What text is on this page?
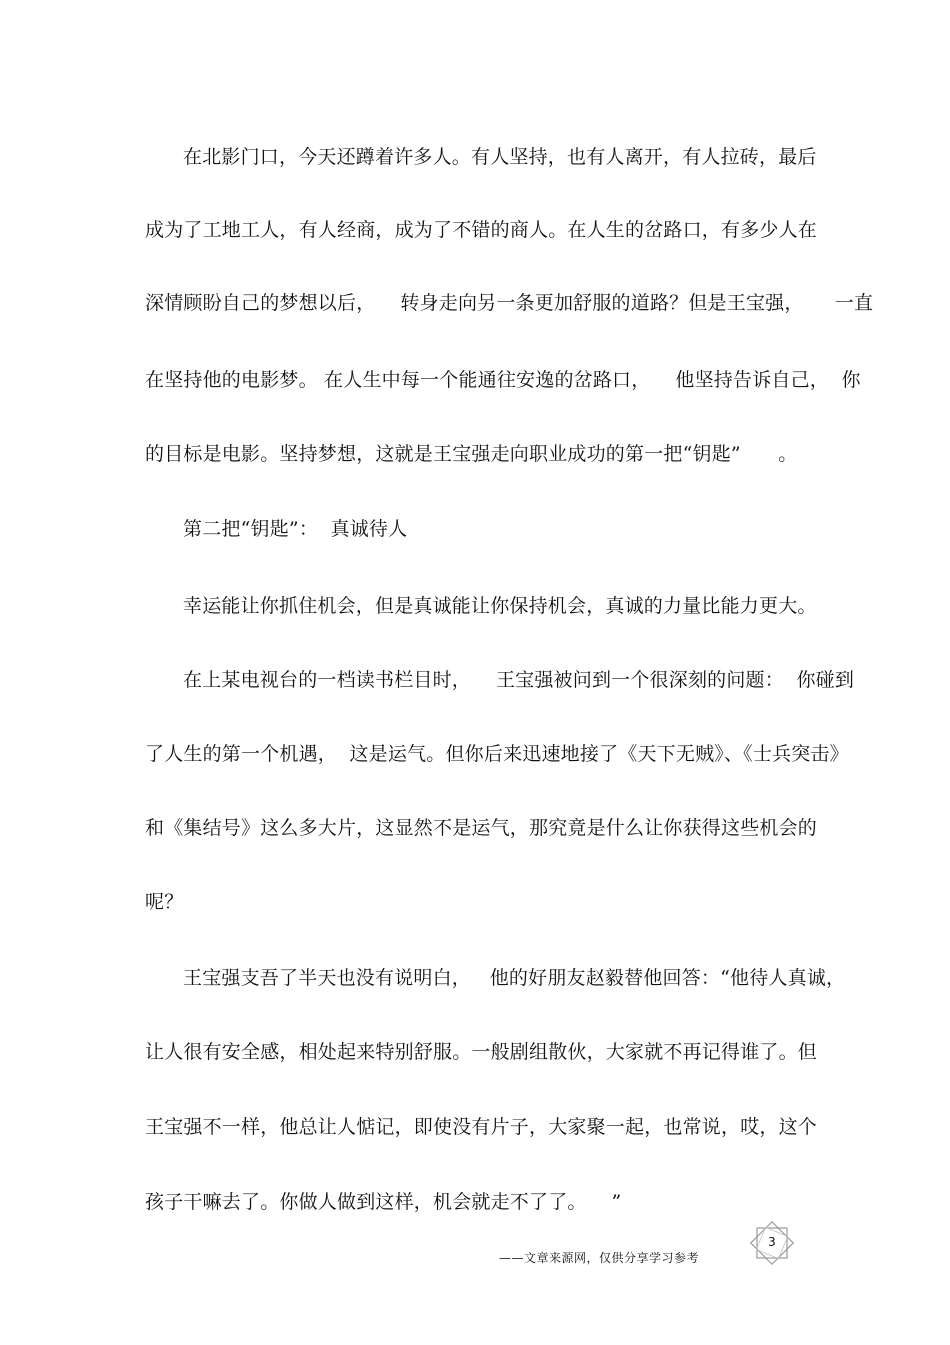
在北影门口，今天还蹲着许多人。有人坚持，也有人离开，有人拉砖，最后
成为了工地工人，有人经商，成为了不错的商人。在人生的岔路口，有多少人在
深情顾盼自己的梦想以后，    转身走向另一条更加舒服的道路？但是王宝强，     一直
在坚持他的电影梦。 在人生中每一个能通往安逸的岔路口，    他坚持告诉自己，  你
的目标是电影。坚持梦想，这就是王宝强走向职业成功的第一把“钥匙”      。
第二把“钥匙”：  真诚待人
幸运能让你抓住机会，但是真诚能让你保持机会，真诚的力量比能力更大。
在上某电视台的一档读书栏目时，    王宝强被问到一个很深刻的问题：  你碰到
了人生的第一个机遇，  这是运气。但你后来迅速地接了《天下无贼》、《士兵突击》
和《集结号》这么多大片，这显然不是运气，那究竟是什么让你获得这些机会的
呢？
王宝强支吾了半天也没有说明白，   他的好朋友赵毅替他回答：“他待人真诚，
让人很有安全感，相处起来特别舒服。一般剧组散伙，大家就不再记得谁了。但
王宝强不一样，他总让人惦记，即使没有片子，大家聚一起，也常说，哎，这个
孩子干嘛去了。你做人做到这样，机会就走不了了。    ”
3
——文章来源网，仅供分享学习参考
